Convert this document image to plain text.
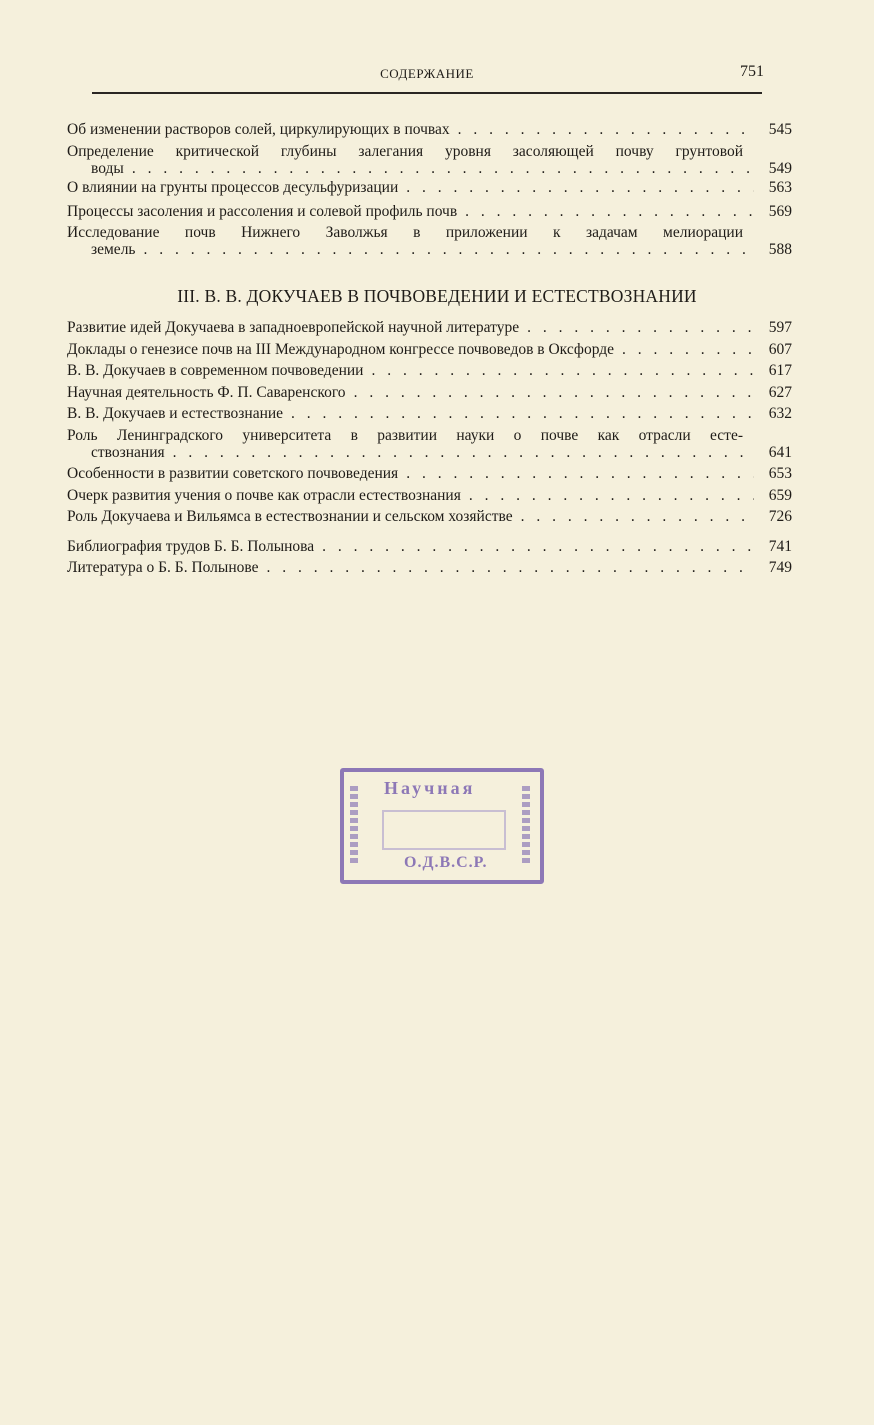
СОДЕРЖАНИЕ	751
Об изменении растворов солей, циркулирующих в почвах . . .	545
Определение критической глубины залегания уровня засоляющей почву грунтовой
воды . . .	549
О влиянии на грунты процессов десульфуризации . . .	563
Процессы засоления и рассоления и солевой профиль почв . . .	569
Исследование почв Нижнего Заволжья в приложении к задачам мелиорации
земель . . .	588
Развитие идей Докучаева в западноевропейской научной литературе . . .	597
Доклады о генезисе почв на III Международном конгрессе почвоведов в Оксфорде . . .	607
В. В. Докучаев в современном почвоведении . . .	617
Научная деятельность Ф. П. Саваренского . . .	627
В. В. Докучаев и естествознание . . .	632
Роль Ленинградского университета в развитии науки о почве как отрасли есте-
ствознания . . .	641
Особенности в развитии советского почвоведения . . .	653
Очерк развития учения о почве как отрасли естествознания . . .	659
Роль Докучаева и Вильямса в естествознании и сельском хозяйстве . . .	726
Библиография трудов Б. Б. Полынова . . .	741
Литература о Б. Б. Полынове . . .	749
III. В. В. ДОКУЧАЕВ В ПОЧВОВЕДЕНИИ И ЕСТЕСТВОЗНАНИИ
Научная
О.Д.В.С.Р.
